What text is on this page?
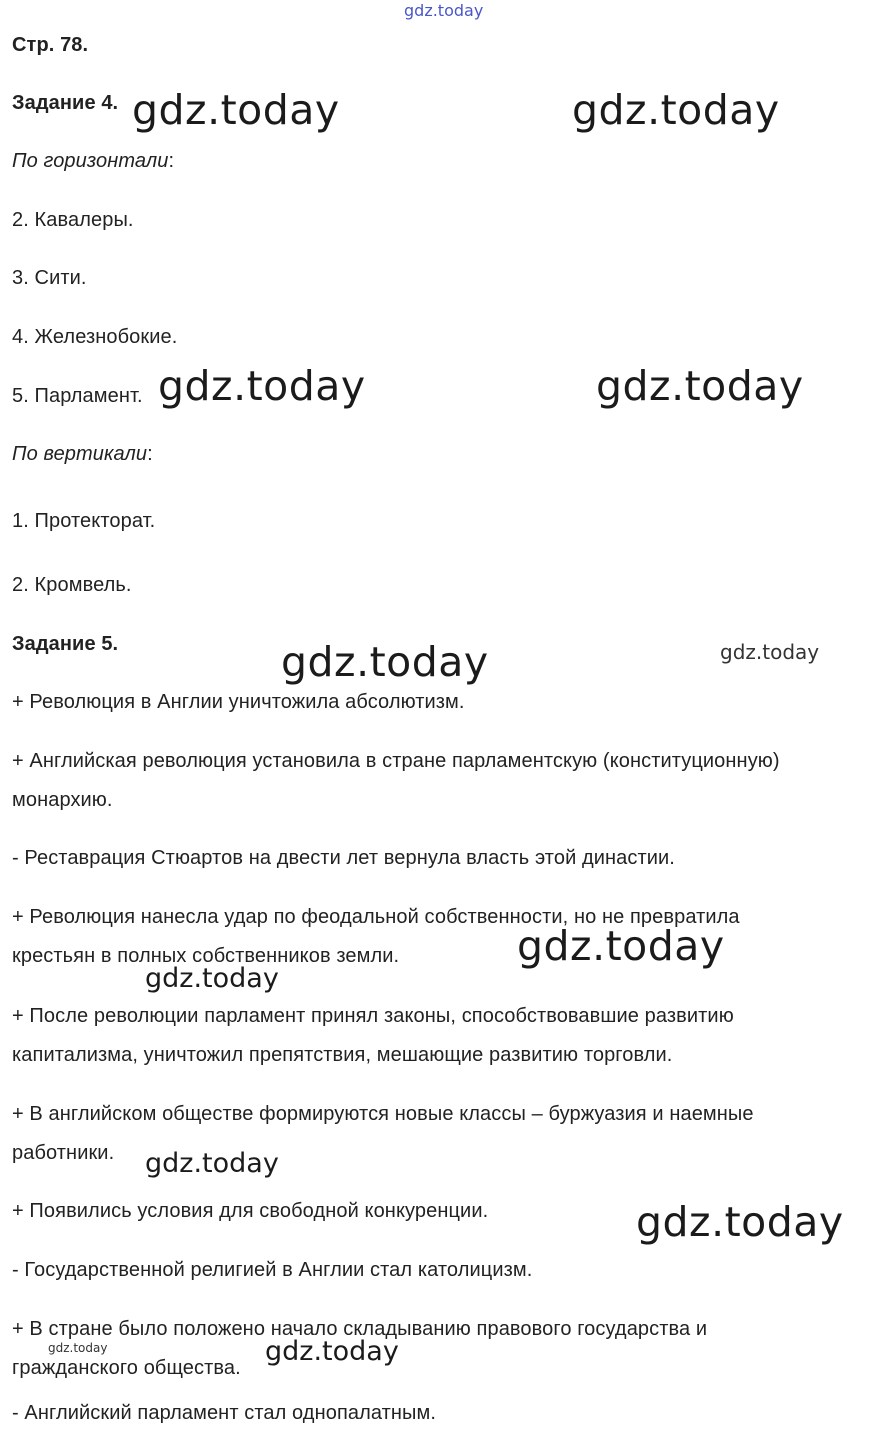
Стр. 78.
Задание 4.
По горизонтали:
2. Кавалеры.
3. Сити.
4. Железнобокие.
5. Парламент.
По вертикали:
1. Протекторат.
2. Кромвель.
Задание 5.
+ Революция в Англии уничтожила абсолютизм.
+ Английская революция установила в стране парламентскую (конституционную)
монархию.
- Реставрация Стюартов на двести лет вернула власть этой династии.
+ Революция нанесла удар по феодальной собственности, но не превратила
крестьян в полных собственников земли.
+ После революции парламент принял законы, способствовавшие развитию
капитализма, уничтожил препятствия, мешающие развитию торговли.
+ В английском обществе формируются новые классы – буржуазия и наемные
работники.
+ Появились условия для свободной конкуренции.
- Государственной религией в Англии стал католицизм.
+ В стране было положено начало складыванию правового государства и
гражданского общества.
- Английский парламент стал однопалатным.
gdz.today
gdz.today	gdz.today
gdz.today	gdz.today
gdz.today	gdz.today
gdz.today
gdz.today
gdz.today
gdz.today
gdz.today	gdz.today
